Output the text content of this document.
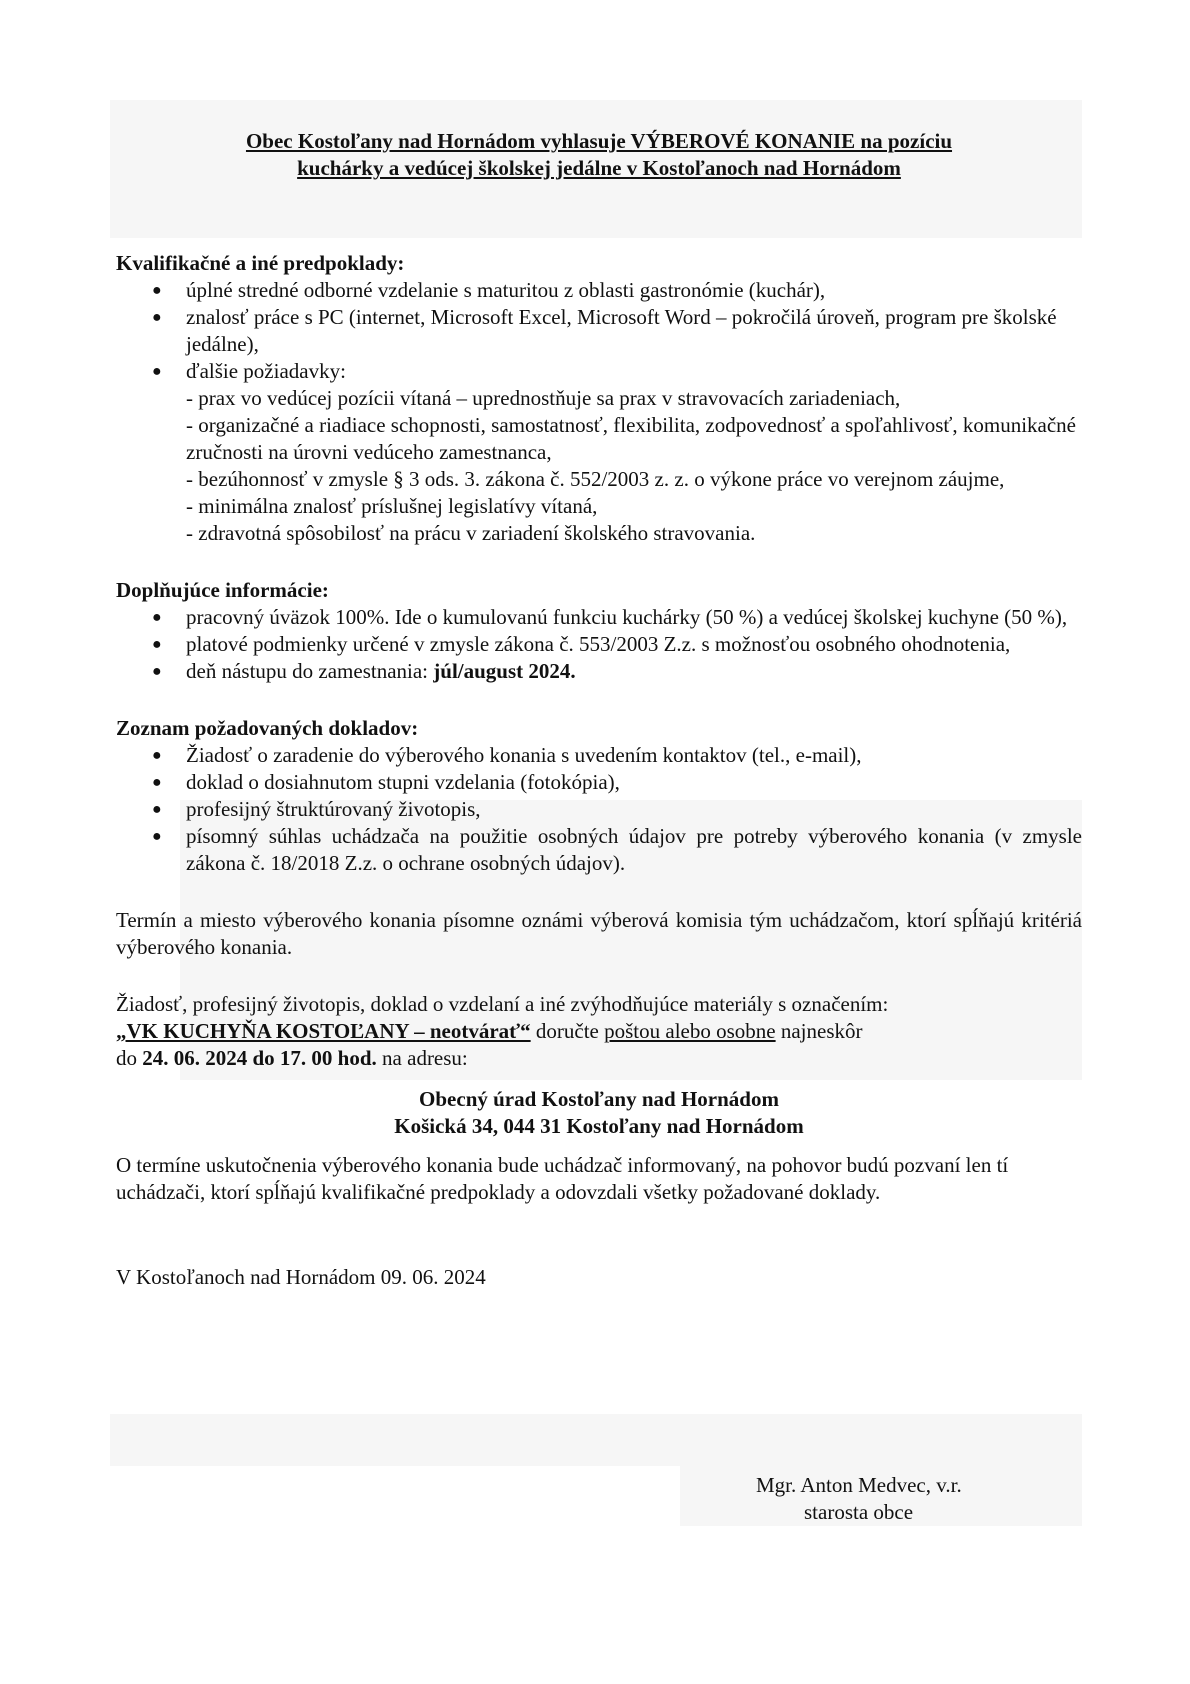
Obec Kostoľany nad Hornádom vyhlasuje VÝBEROVÉ KONANIE na pozíciu
kuchárky a vedúcej školskej jedálne v Kostoľanoch nad Hornádom

Kvalifikačné a iné predpoklady:

● úplné stredné odborné vzdelanie s maturitou z oblasti gastronómie (kuchár),
● znalosť práce s PC (internet, Microsoft Excel, Microsoft Word – pokročilá úroveň, program pre školské jedálne),
● ďalšie požiadavky:
- prax vo vedúcej pozícii vítaná – uprednostňuje sa prax v stravovacích zariadeniach,
- organizačné a riadiace schopnosti, samostatnosť, flexibilita, zodpovednosť a spoľahlivosť, komunikačné zručnosti na úrovni vedúceho zamestnanca,
- bezúhonnosť v zmysle § 3 ods. 3. zákona č. 552/2003 z. z. o výkone práce vo verejnom záujme,
- minimálna znalosť príslušnej legislatívy vítaná,
- zdravotná spôsobilosť na prácu v zariadení školského stravovania.

Doplňujúce informácie:

● pracovný úväzok 100%. Ide o kumulovanú funkciu kuchárky (50 %) a vedúcej školskej kuchyne (50 %),
● platové podmienky určené v zmysle zákona č. 553/2003 Z.z. s možnosťou osobného ohodnotenia,
● deň nástupu do zamestnania: júl/august 2024.

Zoznam požadovaných dokladov:

● Žiadosť o zaradenie do výberového konania s uvedením kontaktov (tel., e-mail),
● doklad o dosiahnutom stupni vzdelania (fotokópia),
● profesijný štruktúrovaný životopis,
● písomný súhlas uchádzača na použitie osobných údajov pre potreby výberového konania (v zmysle zákona č. 18/2018 Z.z. o ochrane osobných údajov).

Termín a miesto výberového konania písomne oznámi výberová komisia tým uchádzačom, ktorí spĺňajú kritériá výberového konania.

Žiadosť, profesijný životopis, doklad o vzdelaní a iné zvýhodňujúce materiály s označením:
„VK KUCHYŇA KOSTOĽANY – neotvárať“ doručte poštou alebo osobne najneskôr
do 24. 06. 2024 do 17. 00 hod. na adresu:
Obecný úrad Kostoľany nad Hornádom
Košická 34, 044 31 Kostoľany nad Hornádom

O termíne uskutočnenia výberového konania bude uchádzač informovaný, na pohovor budú pozvaní len tí uchádzači, ktorí spĺňajú kvalifikačné predpoklady a odovzdali všetky požadované doklady.

V Kostoľanoch nad Hornádom 09. 06. 2024

Mgr. Anton Medvec, v.r.
starosta obce
